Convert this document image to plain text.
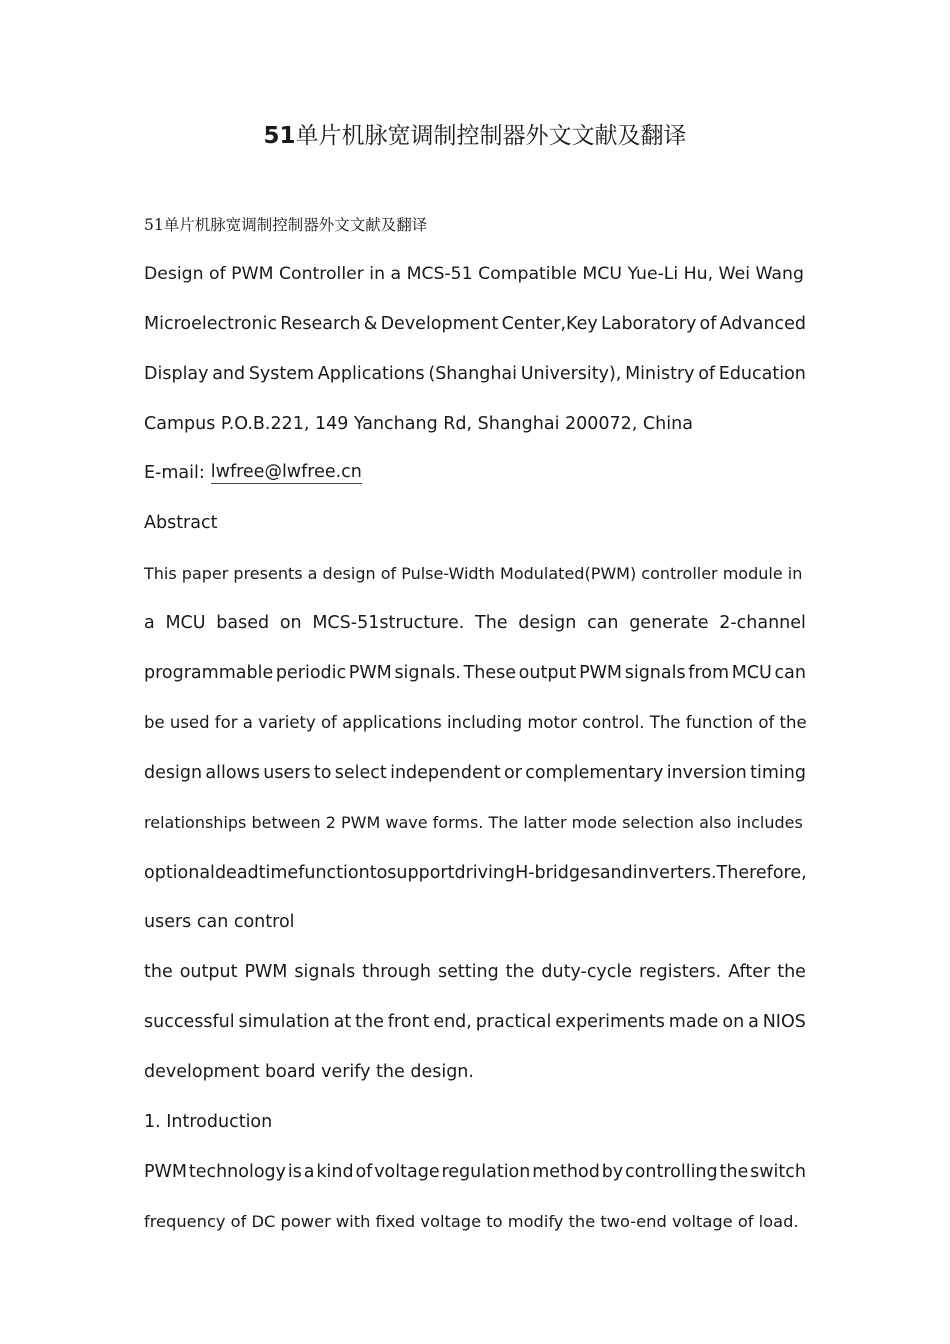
51单片机脉宽调制控制器外文文献及翻译
51单片机脉宽调制控制器外文文献及翻译
Design of PWM Controller in a MCS-51 Compatible MCU Yue-Li Hu, Wei Wang
Microelectronic Research & Development Center,Key Laboratory of Advanced
Display and System Applications (Shanghai University), Ministry of Education
Campus P.O.B.221, 149 Yanchang Rd, Shanghai 200072, China
E-mail: lwfree@lwfree.cn
Abstract
This paper presents a design of Pulse-Width Modulated(PWM) controller module in
a MCU based on MCS-51structure. The design can generate 2-channel
programmable periodic PWM signals. These output PWM signals from MCU can
be used for a variety of applications including motor control. The function of the
design allows users to select independent or complementary inversion timing
relationships between 2 PWM wave forms. The latter mode selection also includes
optional dead time function to support driving H-bridges and inverters. Therefore,
users can control
the output PWM signals through setting the duty-cycle registers. After the
successful simulation at the front end, practical experiments made on a NIOS
development board verify the design.
1. Introduction
PWM technology is a kind of voltage regulation method by controlling the switch
frequency of DC power with fixed voltage to modify the two-end voltage of load.
